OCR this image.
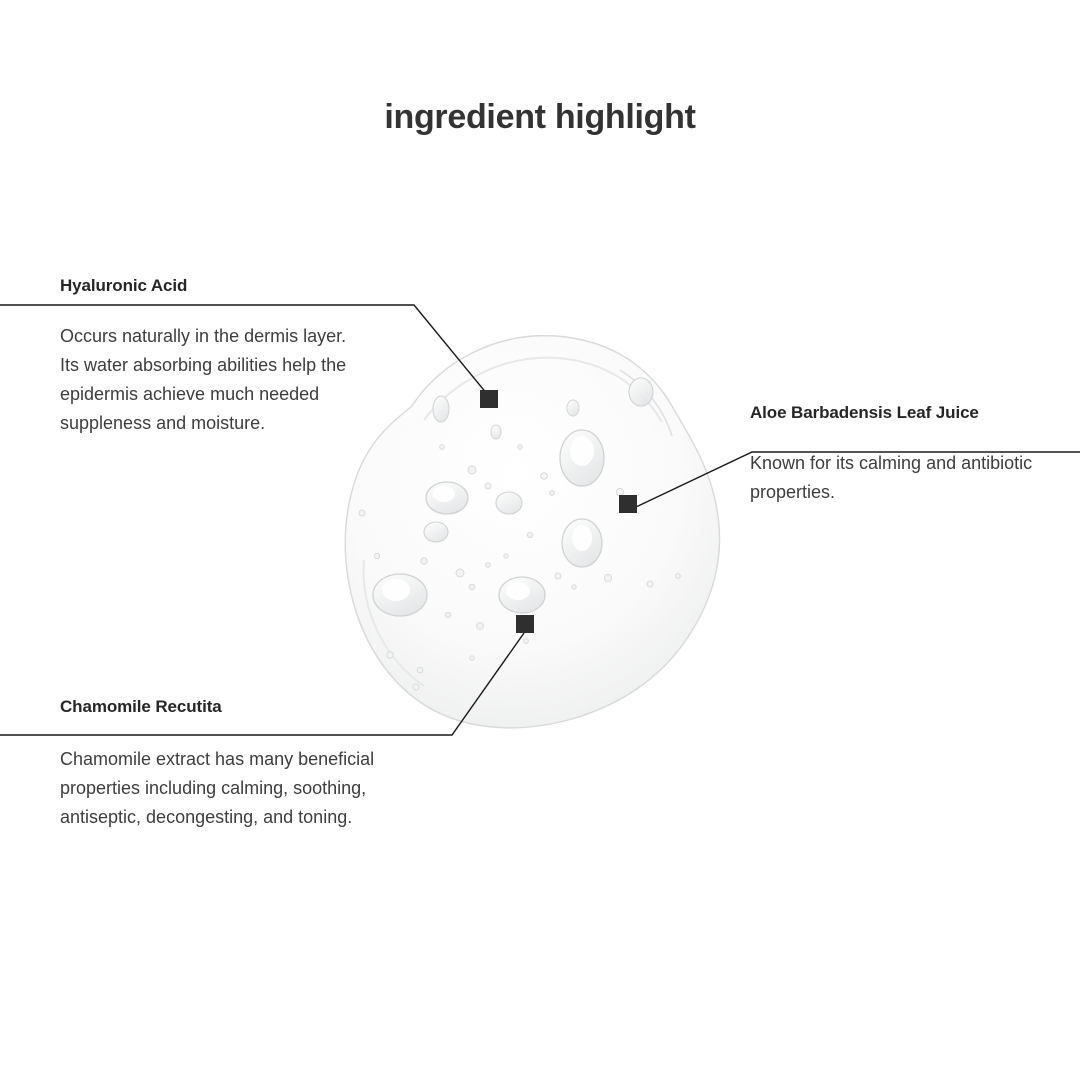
ingredient highlight
Hyaluronic Acid

Occurs naturally in the dermis layer. Its water absorbing abilities help the epidermis achieve much needed suppleness and moisture.

Aloe Barbadensis Leaf Juice

Known for its calming and antibiotic properties.

Chamomile Recutita

Chamomile extract has many beneficial properties including calming, soothing, antiseptic, decongesting, and toning.
